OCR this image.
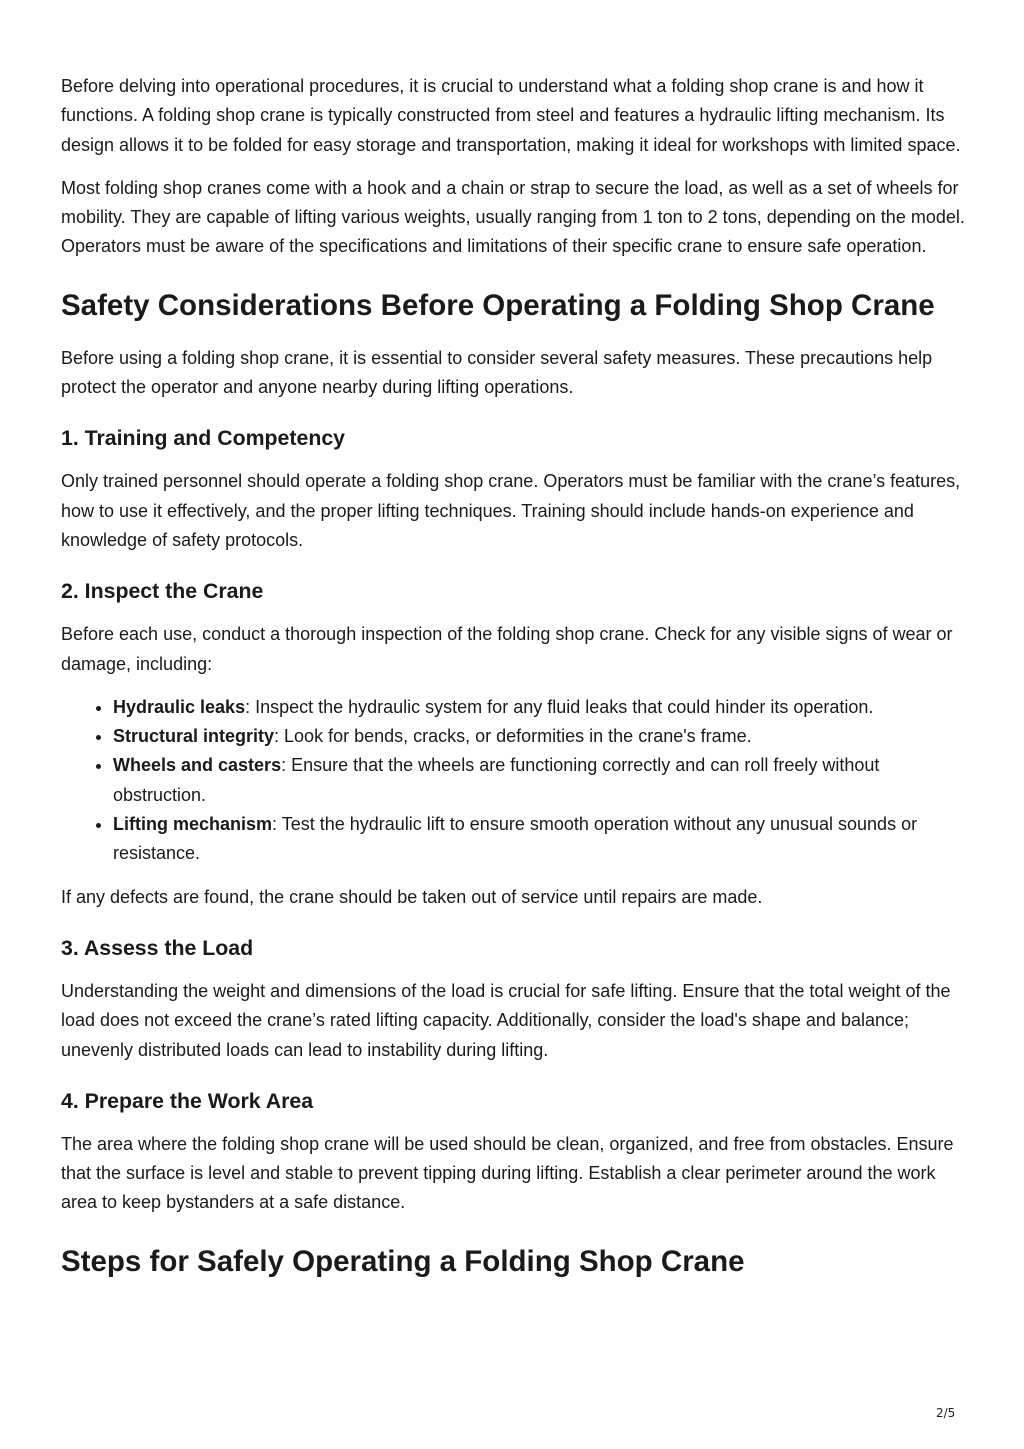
Before delving into operational procedures, it is crucial to understand what a folding shop crane is and how it functions. A folding shop crane is typically constructed from steel and features a hydraulic lifting mechanism. Its design allows it to be folded for easy storage and transportation, making it ideal for workshops with limited space.

Most folding shop cranes come with a hook and a chain or strap to secure the load, as well as a set of wheels for mobility. They are capable of lifting various weights, usually ranging from 1 ton to 2 tons, depending on the model. Operators must be aware of the specifications and limitations of their specific crane to ensure safe operation.

Safety Considerations Before Operating a Folding Shop Crane

Before using a folding shop crane, it is essential to consider several safety measures. These precautions help protect the operator and anyone nearby during lifting operations.

1. Training and Competency

Only trained personnel should operate a folding shop crane. Operators must be familiar with the crane’s features, how to use it effectively, and the proper lifting techniques. Training should include hands-on experience and knowledge of safety protocols.

2. Inspect the Crane

Before each use, conduct a thorough inspection of the folding shop crane. Check for any visible signs of wear or damage, including:

• Hydraulic leaks: Inspect the hydraulic system for any fluid leaks that could hinder its operation.
• Structural integrity: Look for bends, cracks, or deformities in the crane's frame.
• Wheels and casters: Ensure that the wheels are functioning correctly and can roll freely without obstruction.
• Lifting mechanism: Test the hydraulic lift to ensure smooth operation without any unusual sounds or resistance.

If any defects are found, the crane should be taken out of service until repairs are made.

3. Assess the Load

Understanding the weight and dimensions of the load is crucial for safe lifting. Ensure that the total weight of the load does not exceed the crane’s rated lifting capacity. Additionally, consider the load's shape and balance; unevenly distributed loads can lead to instability during lifting.

4. Prepare the Work Area

The area where the folding shop crane will be used should be clean, organized, and free from obstacles. Ensure that the surface is level and stable to prevent tipping during lifting. Establish a clear perimeter around the work area to keep bystanders at a safe distance.

Steps for Safely Operating a Folding Shop Crane
2/5
